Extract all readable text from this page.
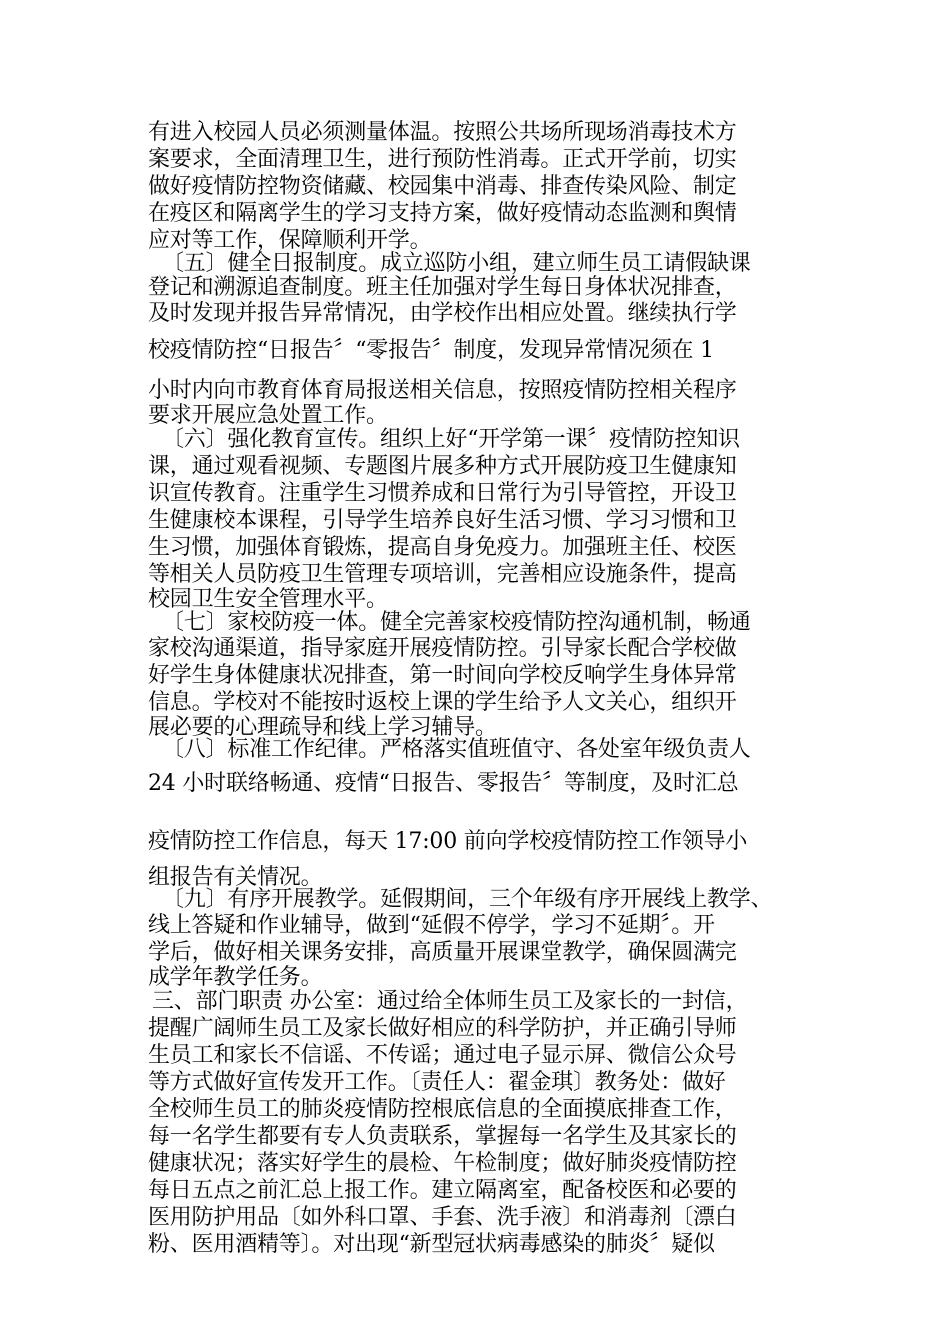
有进入校园人员必须测量体温。按照公共场所现场消毒技术方

案要求，全面清理卫生，进行预防性消毒。正式开学前，切实

做好疫情防控物资储藏、校园集中消毒、排查传染风险、制定

在疫区和隔离学生的学习支持方案，做好疫情动态监测和舆情

应对等工作，保障顺利开学。

〔五〕健全日报制度。成立巡防小组，建立师生员工请假缺课

登记和溯源追查制度。班主任加强对学生每日身体状况排查，

及时发现并报告异常情况，由学校作出相应处置。继续执行学

校疫情防控“日报告〞“零报告〞制度，发现异常情况须在 1

小时内向市教育体育局报送相关信息，按照疫情防控相关程序

要求开展应急处置工作。

〔六〕强化教育宣传。组织上好“开学第一课〞疫情防控知识

课，通过观看视频、专题图片展多种方式开展防疫卫生健康知

识宣传教育。注重学生习惯养成和日常行为引导管控，开设卫

生健康校本课程，引导学生培养良好生活习惯、学习习惯和卫

生习惯，加强体育锻炼，提高自身免疫力。加强班主任、校医

等相关人员防疫卫生管理专项培训，完善相应设施条件，提高

校园卫生安全管理水平。

〔七〕家校防疫一体。健全完善家校疫情防控沟通机制，畅通

家校沟通渠道，指导家庭开展疫情防控。引导家长配合学校做

好学生身体健康状况排查，第一时间向学校反响学生身体异常

信息。学校对不能按时返校上课的学生给予人文关心，组织开

展必要的心理疏导和线上学习辅导。

〔八〕标准工作纪律。严格落实值班值守、各处室年级负责人

24 小时联络畅通、疫情“日报告、零报告〞等制度，及时汇总

疫情防控工作信息，每天 17:00 前向学校疫情防控工作领导小

组报告有关情况。

〔九〕有序开展教学。延假期间，三个年级有序开展线上教学、

线上答疑和作业辅导，做到“延假不停学，学习不延期〞。开

学后，做好相关课务安排，高质量开展课堂教学，确保圆满完

成学年教学任务。

三、部门职责 办公室：通过给全体师生员工及家长的一封信，

提醒广阔师生员工及家长做好相应的科学防护，并正确引导师

生员工和家长不信谣、不传谣；通过电子显示屏、微信公众号

等方式做好宣传发开工作。〔责任人：翟金琪〕教务处：做好

全校师生员工的肺炎疫情防控根底信息的全面摸底排查工作，

每一名学生都要有专人负责联系，掌握每一名学生及其家长的

健康状况；落实好学生的晨检、午检制度；做好肺炎疫情防控

每日五点之前汇总上报工作。建立隔离室，配备校医和必要的

医用防护用品〔如外科口罩、手套、洗手液〕和消毒剂〔漂白

粉、医用酒精等〕。对出现“新型冠状病毒感染的肺炎〞疑似
